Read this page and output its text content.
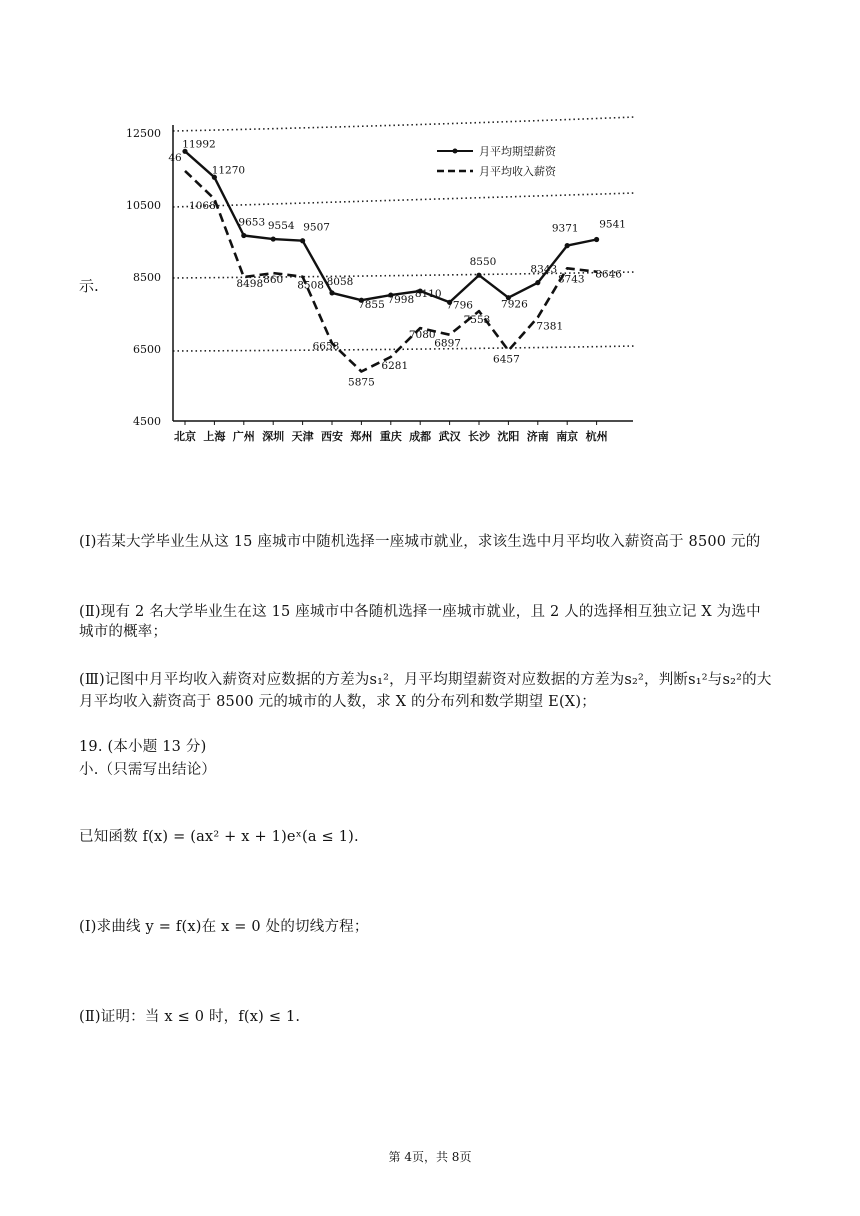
示.
12500
10500
8500
6500
4500
北京 上海 广州 深圳 天津 西安 郑州 重庆 成都 武汉 长沙 沈阳 济南 南京 杭州
11992
11270
9653 9554 9507
8058
7855 7998
8110
7796
8550
7926
8343
9371 9541
46
1068
8498 860 8508
6658
5875
6281
7080
6897
7553
6457
7381
8743 8646
月平均期望薪资
月平均收入薪资

(Ⅰ)若某大学毕业生从这 15 座城市中随机选择一座城市就业，求该生选中月平均收入薪资高于 8500 元的

城市的概率；

(Ⅱ)现有 2 名大学毕业生在这 15 座城市中各随机选择一座城市就业，且 2 人的选择相互独立记 X 为选中

月平均收入薪资高于 8500 元的城市的人数，求 X 的分布列和数学期望 E(X)；

(Ⅲ)记图中月平均收入薪资对应数据的方差为s₁²，月平均期望薪资对应数据的方差为s₂²，判断s₁²与s₂²的大

小.（只需写出结论）

19. (本小题 13 分)

已知函数 f(x) = (ax² + x + 1)eˣ(a ≤ 1).

(Ⅰ)求曲线 y = f(x)在 x = 0 处的切线方程；

(Ⅱ)证明：当 x ≤ 0 时，f(x) ≤ 1.

第 4页，共 8页
